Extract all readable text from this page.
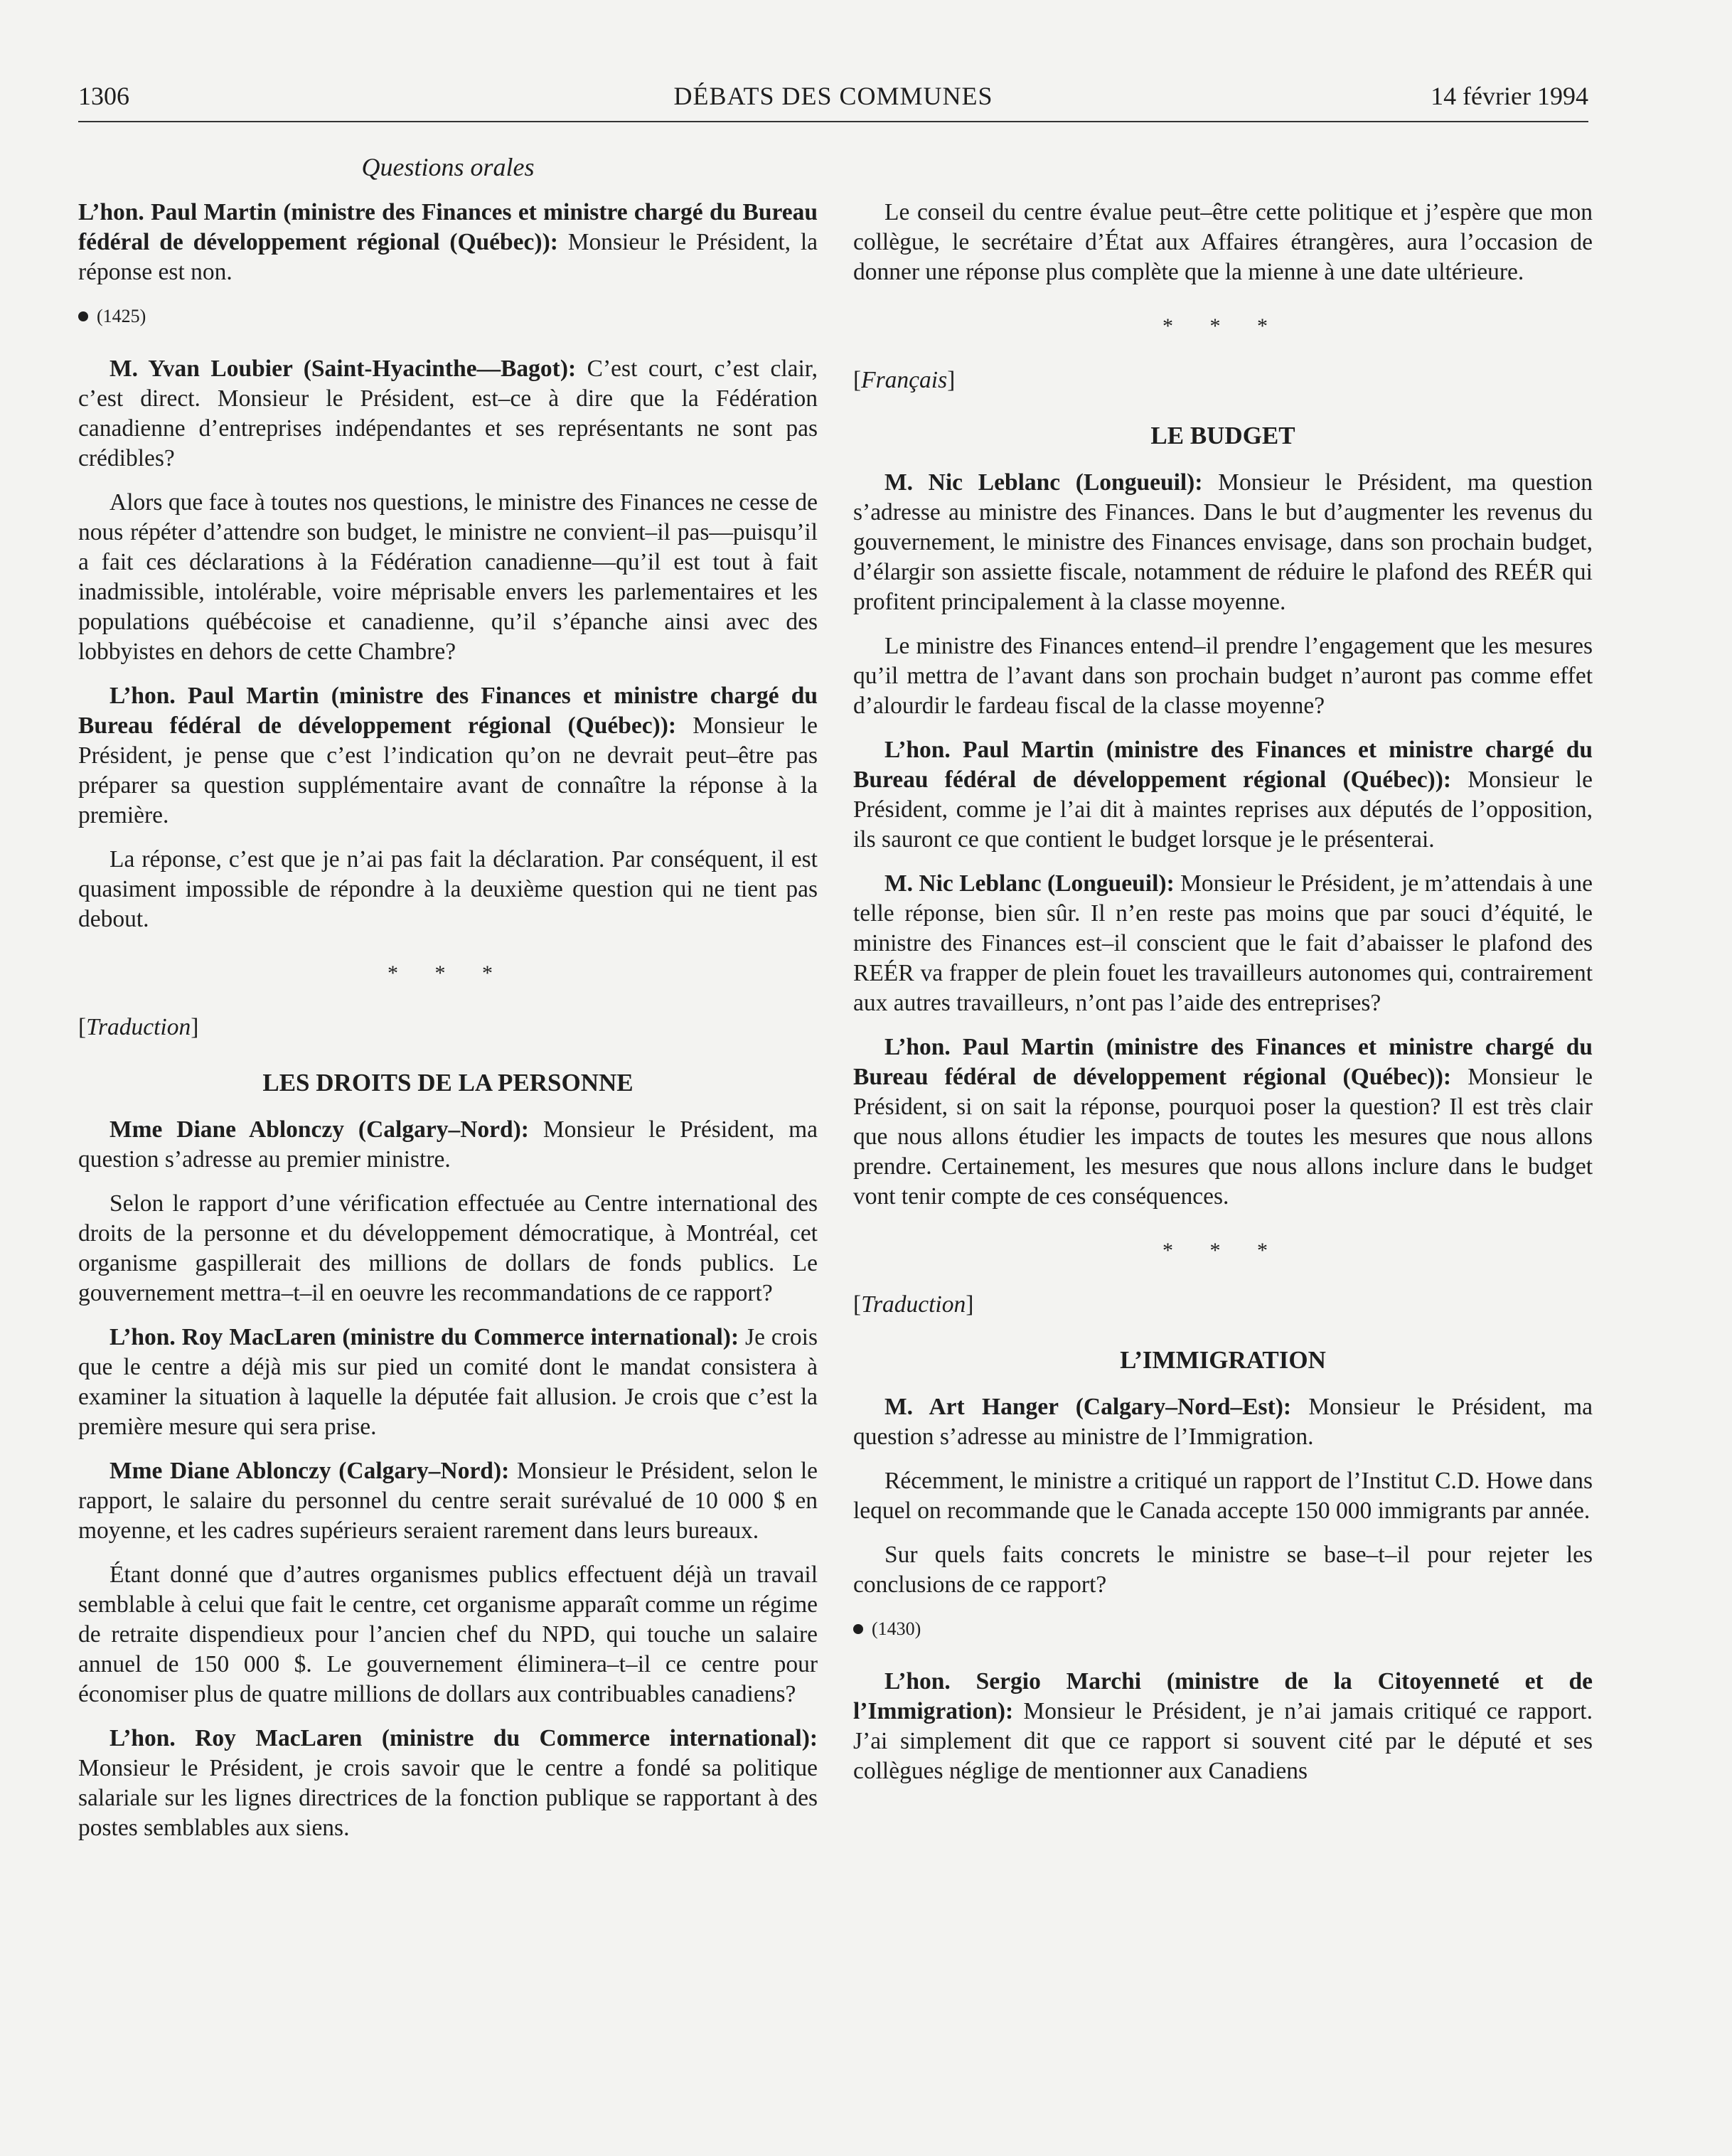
1306	DÉBATS DES COMMUNES	14 février 1994
Questions orales

L’hon. Paul Martin (ministre des Finances et ministre chargé du Bureau fédéral de développement régional (Québec)): Monsieur le Président, la réponse est non.

(1425)

M. Yvan Loubier (Saint-Hyacinthe—Bagot): C’est court, c’est clair, c’est direct. Monsieur le Président, est–ce à dire que la Fédération canadienne d’entreprises indépendantes et ses représentants ne sont pas crédibles?

Alors que face à toutes nos questions, le ministre des Finances ne cesse de nous répéter d’attendre son budget, le ministre ne convient–il pas—puisqu’il a fait ces déclarations à la Fédération canadienne—qu’il est tout à fait inadmissible, intolérable, voire méprisable envers les parlementaires et les populations québécoise et canadienne, qu’il s’épanche ainsi avec des lobbyistes en dehors de cette Chambre?

L’hon. Paul Martin (ministre des Finances et ministre chargé du Bureau fédéral de développement régional (Québec)): Monsieur le Président, je pense que c’est l’indication qu’on ne devrait peut–être pas préparer sa question supplémentaire avant de connaître la réponse à la première.

La réponse, c’est que je n’ai pas fait la déclaration. Par conséquent, il est quasiment impossible de répondre à la deuxième question qui ne tient pas debout.

* * *
[Traduction]
LES DROITS DE LA PERSONNE

Mme Diane Ablonczy (Calgary–Nord): Monsieur le Président, ma question s’adresse au premier ministre.

Selon le rapport d’une vérification effectuée au Centre international des droits de la personne et du développement démocratique, à Montréal, cet organisme gaspillerait des millions de dollars de fonds publics. Le gouvernement mettra–t–il en oeuvre les recommandations de ce rapport?

L’hon. Roy MacLaren (ministre du Commerce international): Je crois que le centre a déjà mis sur pied un comité dont le mandat consistera à examiner la situation à laquelle la députée fait allusion. Je crois que c’est la première mesure qui sera prise.

Mme Diane Ablonczy (Calgary–Nord): Monsieur le Président, selon le rapport, le salaire du personnel du centre serait surévalué de 10 000 $ en moyenne, et les cadres supérieurs seraient rarement dans leurs bureaux.

Étant donné que d’autres organismes publics effectuent déjà un travail semblable à celui que fait le centre, cet organisme apparaît comme un régime de retraite dispendieux pour l’ancien chef du NPD, qui touche un salaire annuel de 150 000 $. Le gouvernement éliminera–t–il ce centre pour économiser plus de quatre millions de dollars aux contribuables canadiens?

L’hon. Roy MacLaren (ministre du Commerce international): Monsieur le Président, je crois savoir que le centre a fondé sa politique salariale sur les lignes directrices de la fonction publique se rapportant à des postes semblables aux siens.

Le conseil du centre évalue peut–être cette politique et j’espère que mon collègue, le secrétaire d’État aux Affaires étrangères, aura l’occasion de donner une réponse plus complète que la mienne à une date ultérieure.

* * *
[Français]
LE BUDGET

M. Nic Leblanc (Longueuil): Monsieur le Président, ma question s’adresse au ministre des Finances. Dans le but d’augmenter les revenus du gouvernement, le ministre des Finances envisage, dans son prochain budget, d’élargir son assiette fiscale, notamment de réduire le plafond des REÉR qui profitent principalement à la classe moyenne.

Le ministre des Finances entend–il prendre l’engagement que les mesures qu’il mettra de l’avant dans son prochain budget n’auront pas comme effet d’alourdir le fardeau fiscal de la classe moyenne?

L’hon. Paul Martin (ministre des Finances et ministre chargé du Bureau fédéral de développement régional (Québec)): Monsieur le Président, comme je l’ai dit à maintes reprises aux députés de l’opposition, ils sauront ce que contient le budget lorsque je le présenterai.

M. Nic Leblanc (Longueuil): Monsieur le Président, je m’attendais à une telle réponse, bien sûr. Il n’en reste pas moins que par souci d’équité, le ministre des Finances est–il conscient que le fait d’abaisser le plafond des REÉR va frapper de plein fouet les travailleurs autonomes qui, contrairement aux autres travailleurs, n’ont pas l’aide des entreprises?

L’hon. Paul Martin (ministre des Finances et ministre chargé du Bureau fédéral de développement régional (Québec)): Monsieur le Président, si on sait la réponse, pourquoi poser la question? Il est très clair que nous allons étudier les impacts de toutes les mesures que nous allons prendre. Certainement, les mesures que nous allons inclure dans le budget vont tenir compte de ces conséquences.

* * *
[Traduction]
L’IMMIGRATION

M. Art Hanger (Calgary–Nord–Est): Monsieur le Président, ma question s’adresse au ministre de l’Immigration.

Récemment, le ministre a critiqué un rapport de l’Institut C.D. Howe dans lequel on recommande que le Canada accepte 150 000 immigrants par année.

Sur quels faits concrets le ministre se base–t–il pour rejeter les conclusions de ce rapport?

(1430)

L’hon. Sergio Marchi (ministre de la Citoyenneté et de l’Immigration): Monsieur le Président, je n’ai jamais critiqué ce rapport. J’ai simplement dit que ce rapport si souvent cité par le député et ses collègues néglige de mentionner aux Canadiens
